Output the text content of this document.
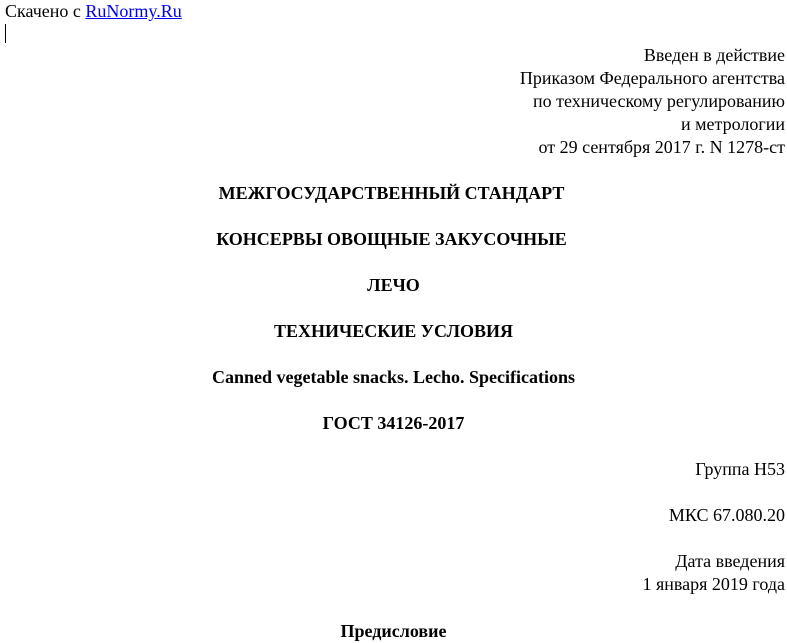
Скачено с RuNormy.Ru
Введен в действие
Приказом Федерального агентства
по техническому регулированию
и метрологии
от 29 сентября 2017 г. N 1278-ст
МЕЖГОСУДАРСТВЕННЫЙ СТАНДАРТ
КОНСЕРВЫ ОВОЩНЫЕ ЗАКУСОЧНЫЕ
ЛЕЧО
ТЕХНИЧЕСКИЕ УСЛОВИЯ
Canned vegetable snacks. Lecho. Specifications
ГОСТ 34126-2017
Группа Н53
МКС 67.080.20
Дата введения
1 января 2019 года
Предисловие
